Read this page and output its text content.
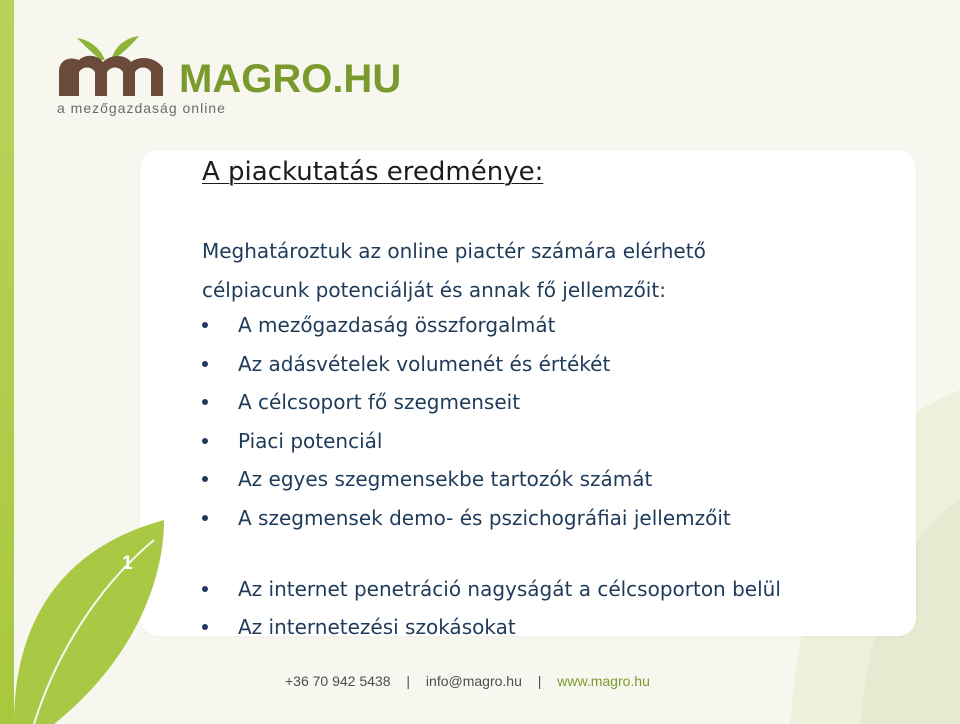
MAGRO.HU
a mezőgazdaság online
A piackutatás eredménye:
Meghatároztuk az online piactér számára elérhető
célpiacunk potenciálját és annak fő jellemzőit:
A mezőgazdaság összforgalmát
Az adásvételek volumenét és értékét
A célcsoport fő szegmenseit
Piaci potenciál
Az egyes szegmensekbe tartozók számát
A szegmensek demo- és pszichográfiai jellemzőit
Az internet penetráció nagyságát a célcsoporton belül
Az internetezési szokásokat
1
+36 70 942 5438 | info@magro.hu | www.magro.hu
